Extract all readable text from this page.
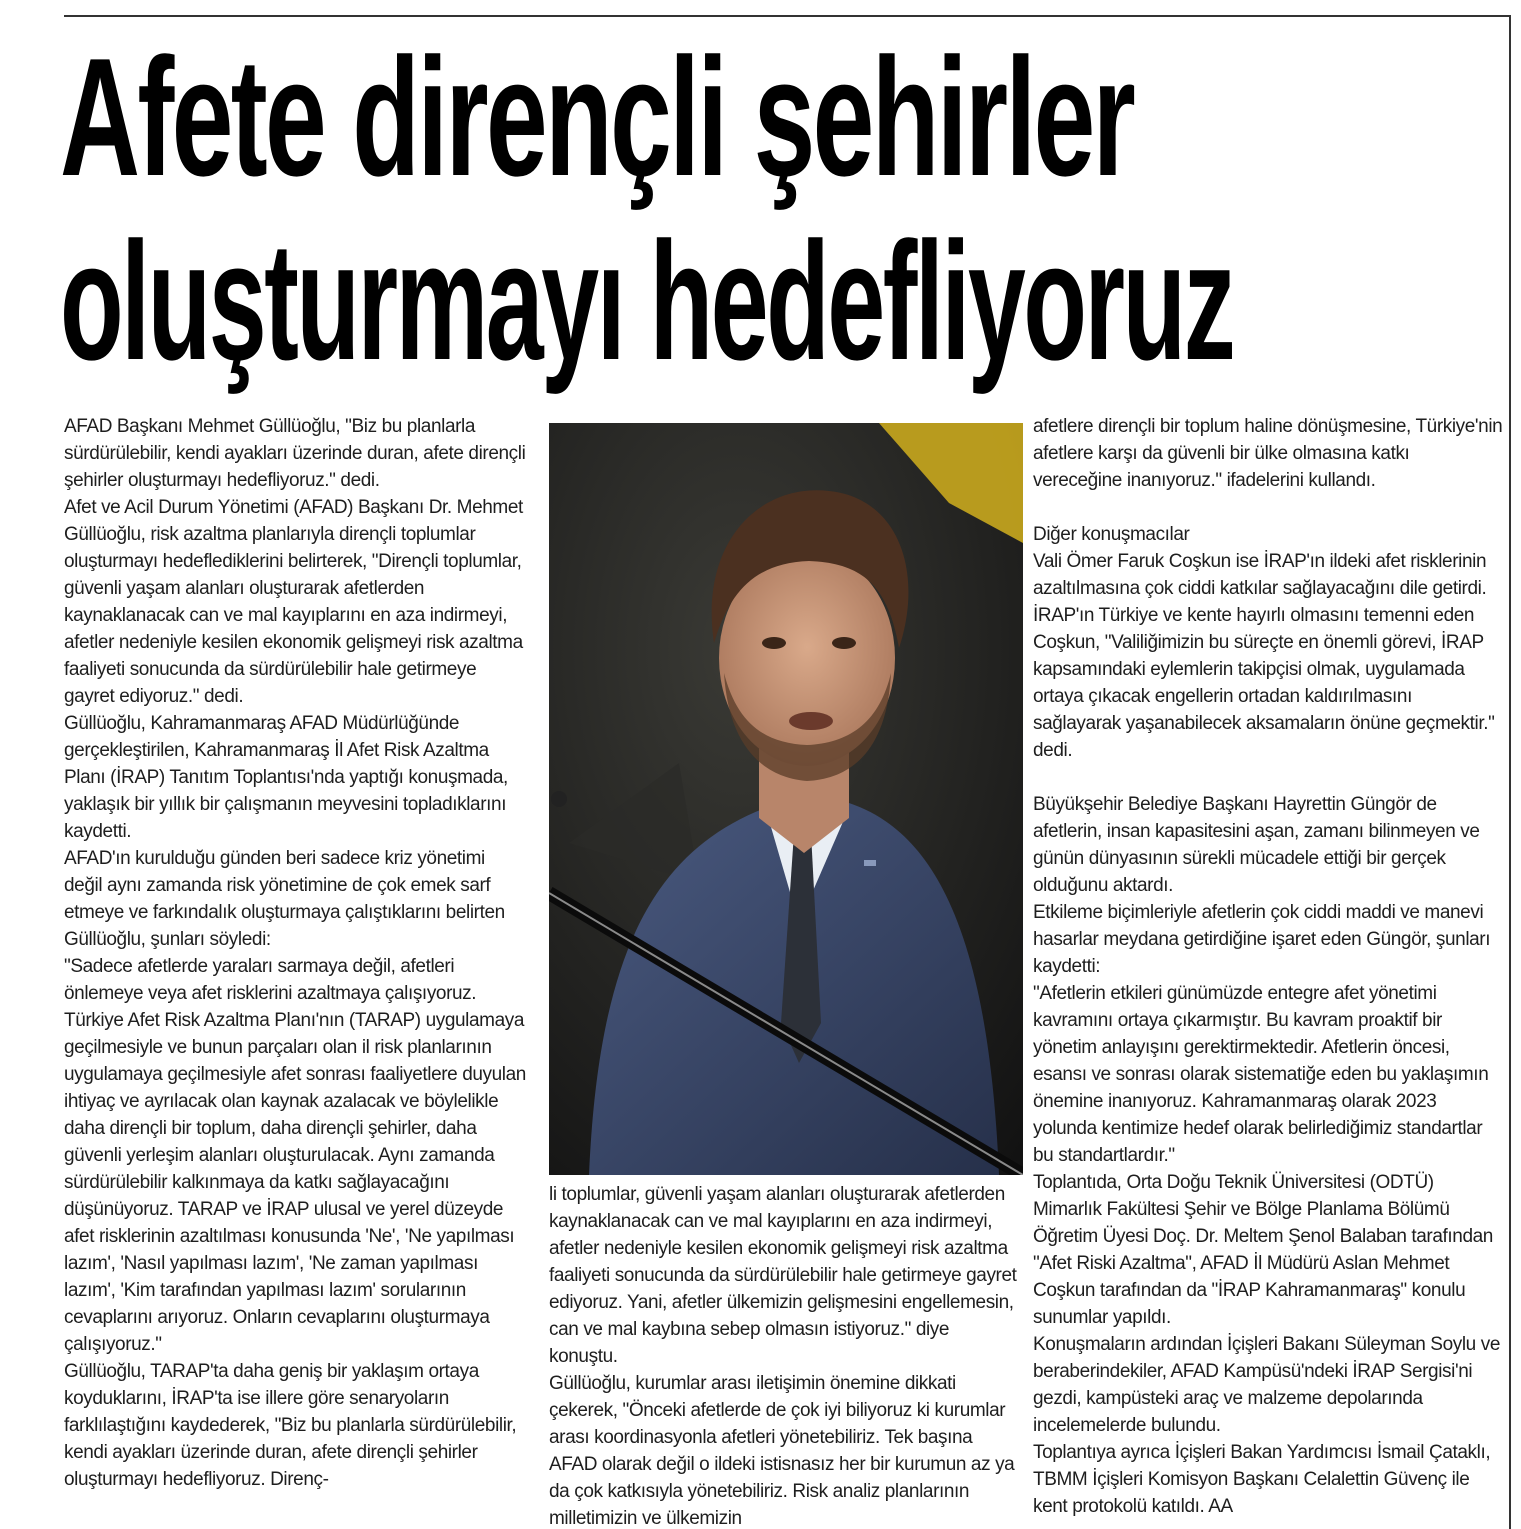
Afete dirençli şehirler
oluşturmayı hedefliyoruz

AFAD Başkanı Mehmet Güllüoğlu, "Biz bu planlarla sürdürülebilir, kendi ayakları üzerinde duran, afete dirençli şehirler oluşturmayı hedefliyoruz." dedi.

Afet ve Acil Durum Yönetimi (AFAD) Başkanı Dr. Mehmet Güllüoğlu, risk azaltma planlarıyla dirençli toplumlar oluşturmayı hedeflediklerini belirterek, "Dirençli toplumlar, güvenli yaşam alanları oluşturarak afetlerden kaynaklanacak can ve mal kayıplarını en aza indirmeyi, afetler nedeniyle kesilen ekonomik gelişmeyi risk azaltma faaliyeti sonucunda da sürdürülebilir hale getirmeye gayret ediyoruz." dedi.

Güllüoğlu, Kahramanmaraş AFAD Müdürlüğünde gerçekleştirilen, Kahramanmaraş İl Afet Risk Azaltma Planı (İRAP) Tanıtım Toplantısı'nda yaptığı konuşmada, yaklaşık bir yıllık bir çalışmanın meyvesini topladıklarını kaydetti.

AFAD'ın kurulduğu günden beri sadece kriz yönetimi değil aynı zamanda risk yönetimine de çok emek sarf etmeye ve farkındalık oluşturmaya çalıştıklarını belirten Güllüoğlu, şunları söyledi:

"Sadece afetlerde yaraları sarmaya değil, afetleri önlemeye veya afet risklerini azaltmaya çalışıyoruz. Türkiye Afet Risk Azaltma Planı'nın (TARAP) uygulamaya geçilmesiyle ve bunun parçaları olan il risk planlarının uygulamaya geçilmesiyle afet sonrası faaliyetlere duyulan ihtiyaç ve ayrılacak olan kaynak azalacak ve böylelikle daha dirençli bir toplum, daha dirençli şehirler, daha güvenli yerleşim alanları oluşturulacak. Aynı zamanda sürdürülebilir kalkınmaya da katkı sağlayacağını düşünüyoruz. TARAP ve İRAP ulusal ve yerel düzeyde afet risklerinin azaltılması konusunda 'Ne', 'Ne yapılması lazım', 'Nasıl yapılması lazım', 'Ne zaman yapılması lazım', 'Kim tarafından yapılması lazım' sorularının cevaplarını arıyoruz. Onların cevaplarını oluşturmaya çalışıyoruz."

Güllüoğlu, TARAP'ta daha geniş bir yaklaşım ortaya koyduklarını, İRAP'ta ise illere göre senaryoların farklılaştığını kaydederek, "Biz bu planlarla sürdürülebilir, kendi ayakları üzerinde duran, afete dirençli şehirler oluşturmayı hedefliyoruz. Direnç-

li toplumlar, güvenli yaşam alanları oluşturarak afetlerden kaynaklanacak can ve mal kayıplarını en aza indirmeyi, afetler nedeniyle kesilen ekonomik gelişmeyi risk azaltma faaliyeti sonucunda da sürdürülebilir hale getirmeye gayret ediyoruz. Yani, afetler ülkemizin gelişmesini engellemesin, can ve mal kaybına sebep olmasın istiyoruz." diye konuştu.

Güllüoğlu, kurumlar arası iletişimin önemine dikkati çekerek, "Önceki afetlerde de çok iyi biliyoruz ki kurumlar arası koordinasyonla afetleri yönetebiliriz. Tek başına AFAD olarak değil o ildeki istisnasız her bir kurumun az ya da çok katkısıyla yönetebiliriz. Risk analiz planlarının milletimizin ve ülkemizin

afetlere dirençli bir toplum haline dönüşmesine, Türkiye'nin afetlere karşı da güvenli bir ülke olmasına katkı vereceğine inanıyoruz." ifadelerini kullandı.

Diğer konuşmacılar

Vali Ömer Faruk Coşkun ise İRAP'ın ildeki afet risklerinin azaltılmasına çok ciddi katkılar sağlayacağını dile getirdi.

İRAP'ın Türkiye ve kente hayırlı olmasını temenni eden Coşkun, "Valiliğimizin bu süreçte en önemli görevi, İRAP kapsamındaki eylemlerin takipçisi olmak, uygulamada ortaya çıkacak engellerin ortadan kaldırılmasını sağlayarak yaşanabilecek aksamaların önüne geçmektir." dedi.

Büyükşehir Belediye Başkanı Hayrettin Güngör de afetlerin, insan kapasitesini aşan, zamanı bilinmeyen ve günün dünyasının sürekli mücadele ettiği bir gerçek olduğunu aktardı.

Etkileme biçimleriyle afetlerin çok ciddi maddi ve manevi hasarlar meydana getirdiğine işaret eden Güngör, şunları kaydetti:

"Afetlerin etkileri günümüzde entegre afet yönetimi kavramını ortaya çıkarmıştır. Bu kavram proaktif bir yönetim anlayışını gerektirmektedir. Afetlerin öncesi, esansı ve sonrası olarak sistematiğe eden bu yaklaşımın önemine inanıyoruz. Kahramanmaraş olarak 2023 yolunda kentimize hedef olarak belirlediğimiz standartlar bu standartlardır."

Toplantıda, Orta Doğu Teknik Üniversitesi (ODTÜ) Mimarlık Fakültesi Şehir ve Bölge Planlama Bölümü Öğretim Üyesi Doç. Dr. Meltem Şenol Balaban tarafından "Afet Riski Azaltma", AFAD İl Müdürü Aslan Mehmet Coşkun tarafından da "İRAP Kahramanmaraş" konulu sunumlar yapıldı.

Konuşmaların ardından İçişleri Bakanı Süleyman Soylu ve beraberindekiler, AFAD Kampüsü'ndeki İRAP Sergisi'ni gezdi, kampüsteki araç ve malzeme depolarında incelemelerde bulundu.

Toplantıya ayrıca İçişleri Bakan Yardımcısı İsmail Çataklı, TBMM İçişleri Komisyon Başkanı Celalettin Güvenç ile kent protokolü katıldı. AA
